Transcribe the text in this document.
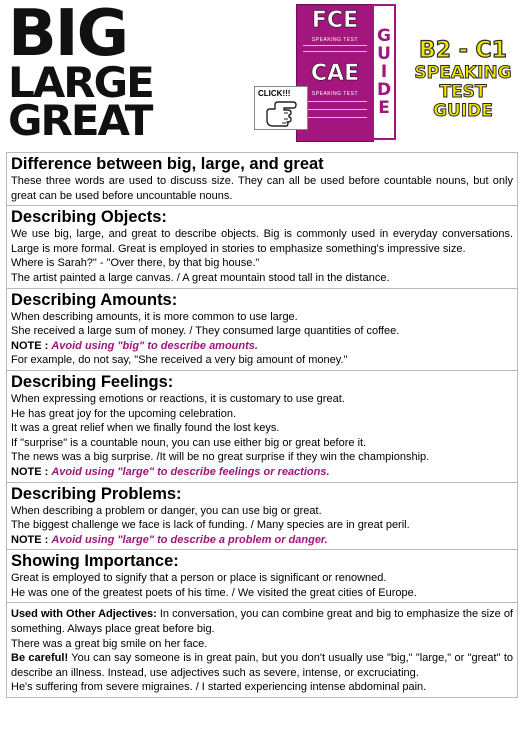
BIG
LARGE
GREAT
FCE
SPEAKING TEST
CAE
SPEAKING TEST
G
U
I
D
E
CLICK!!!
B2 - C1
SPEAKING
TEST
GUIDE

Difference between big, large, and great

These three words are used to discuss size. They can all be used before countable nouns, but only great can be used before uncountable nouns.

Describing Objects:

We use big, large, and great to describe objects. Big is commonly used in everyday conversations. Large is more formal. Great is employed in stories to emphasize something's impressive size.

Where is Sarah?" - "Over there, by that big house."

The artist painted a large canvas. / A great mountain stood tall in the distance.

Describing Amounts:

When describing amounts, it is more common to use large.

She received a large sum of money. / They consumed large quantities of coffee.

NOTE : Avoid using "big" to describe amounts.

For example, do not say, "She received a very big amount of money."

Describing Feelings:

When expressing emotions or reactions, it is customary to use great.

He has great joy for the upcoming celebration.

It was a great relief when we finally found the lost keys.

If "surprise" is a countable noun, you can use either big or great before it.

The news was a big surprise. /It will be no great surprise if they win the championship.

NOTE : Avoid using "large" to describe feelings or reactions.

Describing Problems:

When describing a problem or danger, you can use big or great.

The biggest challenge we face is lack of funding. / Many species are in great peril.

NOTE : Avoid using "large" to describe a problem or danger.

Showing Importance:

Great is employed to signify that a person or place is significant or renowned.

He was one of the greatest poets of his time. / We visited the great cities of Europe.

Used with Other Adjectives: In conversation, you can combine great and big to emphasize the size of something. Always place great before big.

There was a great big smile on her face.

Be careful! You can say someone is in great pain, but you don't usually use "big," "large," or "great" to describe an illness. Instead, use adjectives such as severe, intense, or excruciating.

He's suffering from severe migraines. / I started experiencing intense abdominal pain.
